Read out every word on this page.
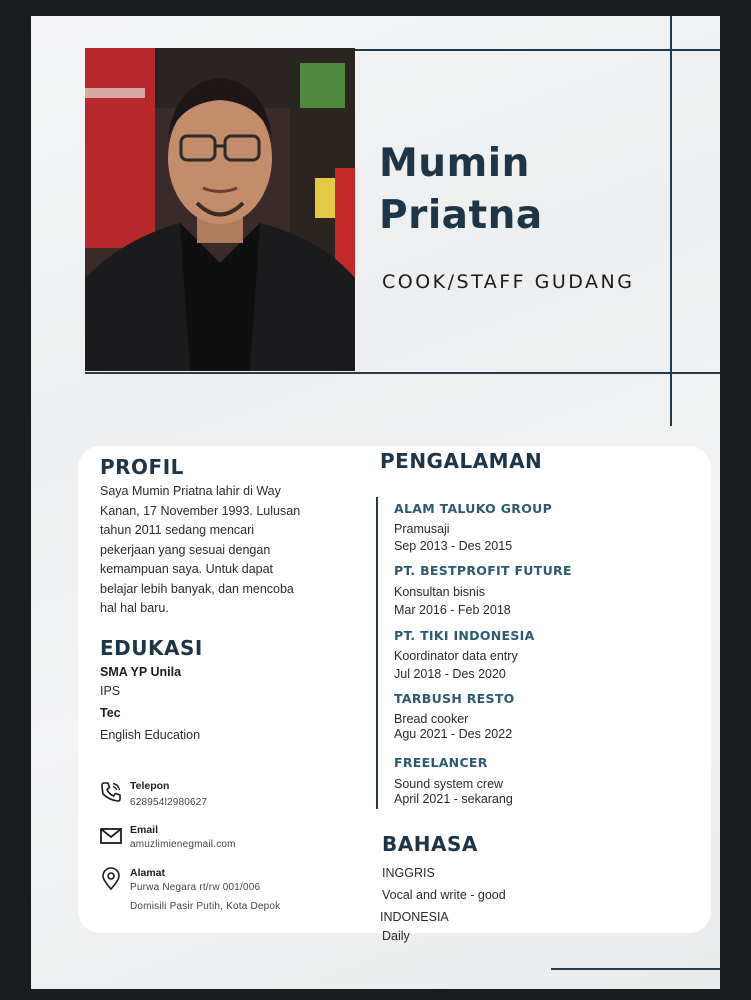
Mumin
Priatna
COOK/STAFF GUDANG
PROFIL
Saya Mumin Priatna lahir di Way
Kanan, 17 November 1993. Lulusan
tahun 2011 sedang mencari
pekerjaan yang sesuai dengan
kemampuan saya. Untuk dapat
belajar lebih banyak, dan mencoba
hal hal baru.
EDUKASI
SMA YP Unila
IPS
Tec
English Education
Telepon
628954l2980627
Email
amuzlimienegmail.com
Alamat
Purwa Negara rt/rw 001/006
Domisili Pasir Putih, Kota Depok
PENGALAMAN
ALAM TALUKO GROUP
Pramusaji
Sep 2013 - Des 2015
PT. BESTPROFIT FUTURE
Konsultan bisnis
Mar 2016 - Feb 2018
PT. TIKI INDONESIA
Koordinator data entry
Jul 2018 - Des 2020
TARBUSH RESTO
Bread cooker
Agu 2021 - Des 2022
FREELANCER
Sound system crew
April 2021 - sekarang
BAHASA
INGGRIS
Vocal and write - good
INDONESIA
Daily
